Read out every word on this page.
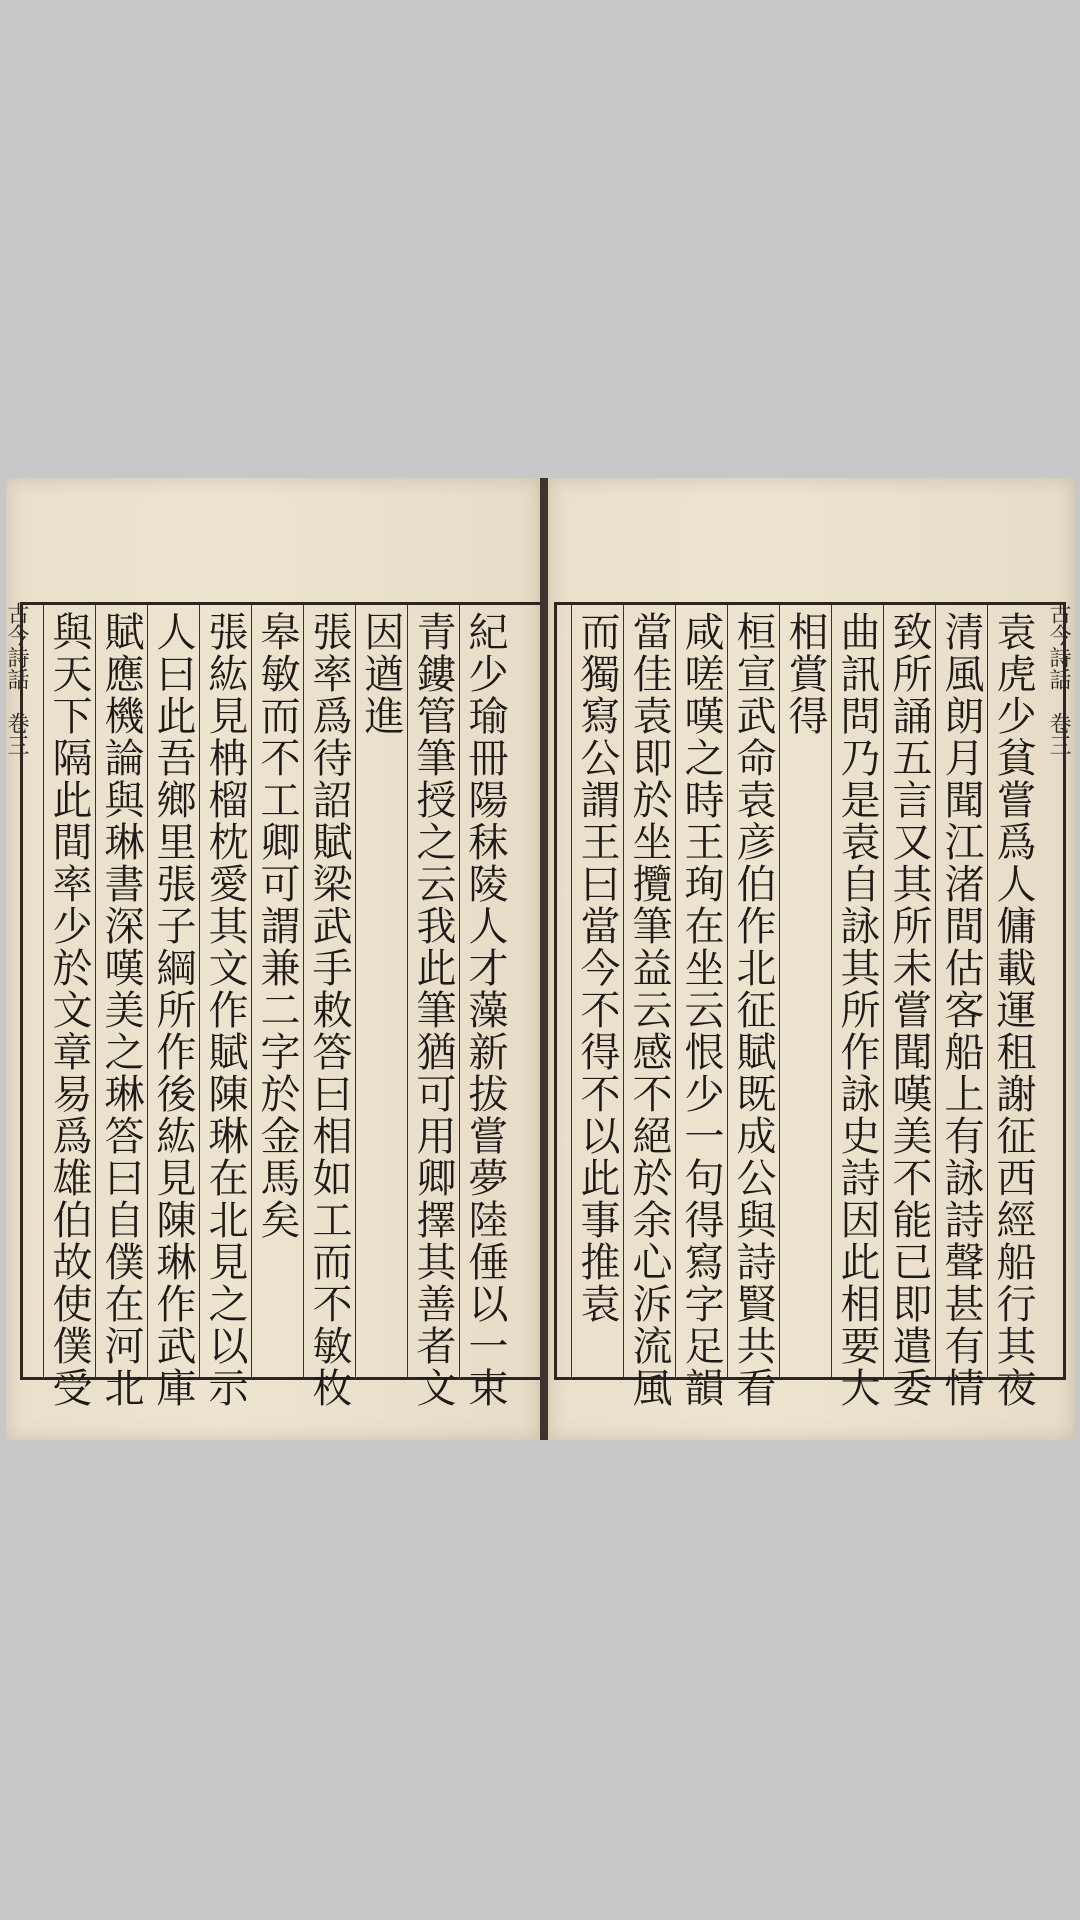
古今詩話　卷三	紀少瑜冊陽秣陵人才藻新拔嘗夢陸倕以一束
青鏤管筆授之云我此筆猶可用卿擇其善者文
因遒進
張率爲待詔賦梁武手敕答曰相如工而不敏枚
皋敏而不工卿可謂兼二字於金馬矣
張紘見柟榴枕愛其文作賦陳琳在北見之以示
人曰此吾鄉里張子綱所作後紘見陳琳作武庫
賦應機論與琳書深嘆美之琳答曰自僕在河北
與天下隔此間率少於文章易爲雄伯故使僕受	袁虎少貧嘗爲人傭載運租謝征西經船行其夜
清風朗月聞江渚間估客船上有詠詩聲甚有情
致所誦五言又其所未嘗聞嘆美不能已即遣委
曲訊問乃是袁自詠其所作詠史詩因此相要大
相賞得
桓宣武命袁彦伯作北征賦既成公與詩賢共看
咸嗟嘆之時王珣在坐云恨少一句得寫字足韻
當佳袁即於坐攬筆益云感不絕於余心泝流風
而獨寫公謂王曰當今不得不以此事推袁	古今詩話　卷三
